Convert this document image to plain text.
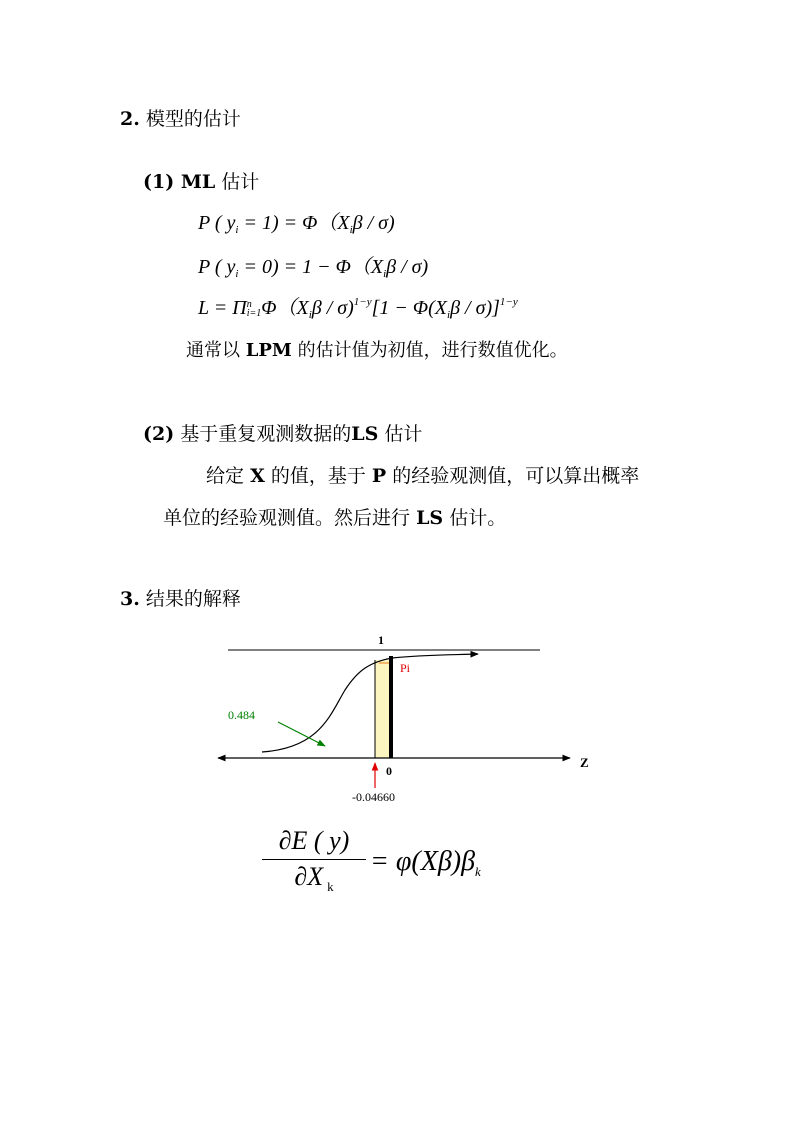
2. 模型的估计
(1) ML 估计
P ( $y_i = 1) = \Phi(X_i\beta / \sigma)$
P ( $y_i = 0) = 1 - \Phi(X_i\beta / \sigma)$
L = Π n
i=1 $\Phi(X_i\beta / \sigma)^{1-y}[1 - \Phi(X_i\beta / \sigma)]^{1-y}$
通常以 LPM 的估计值为初值，进行数值优化。
(2) 基于重复观测数据的LS 估计
给定 X 的值，基于 P 的经验观测值，可以算出概率
单位的经验观测值。然后进行 LS 估计。
3. 结果的解释
1
Pi
0.484
0
Z
-0.04660
$\frac{\partial E ( y)}{\partial X _k} = \varphi(X\beta)\beta_k$
